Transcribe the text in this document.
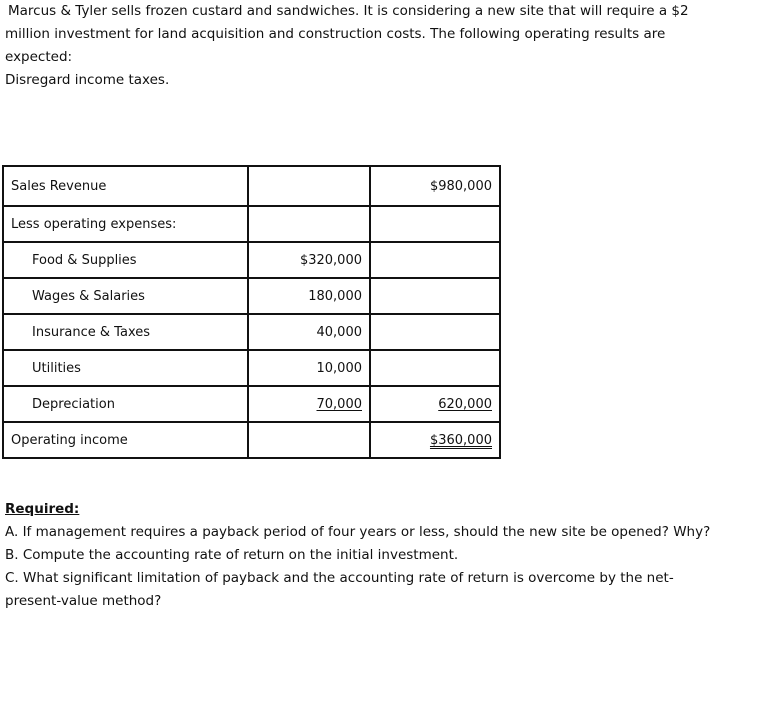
Marcus & Tyler sells frozen custard and sandwiches. It is considering a new site that will require a $2

million investment for land acquisition and construction costs. The following operating results are

expected:

Disregard income taxes.

Sales Revenue		$980,000
Less operating expenses:		
Food & Supplies	$320,000	
Wages & Salaries	180,000	
Insurance & Taxes	40,000	
Utilities	10,000	
Depreciation	70,000	620,000
Operating income		$360,000

Required:

A. If management requires a payback period of four years or less, should the new site be opened? Why?

B. Compute the accounting rate of return on the initial investment.

C. What significant limitation of payback and the accounting rate of return is overcome by the net-

present-value method?
